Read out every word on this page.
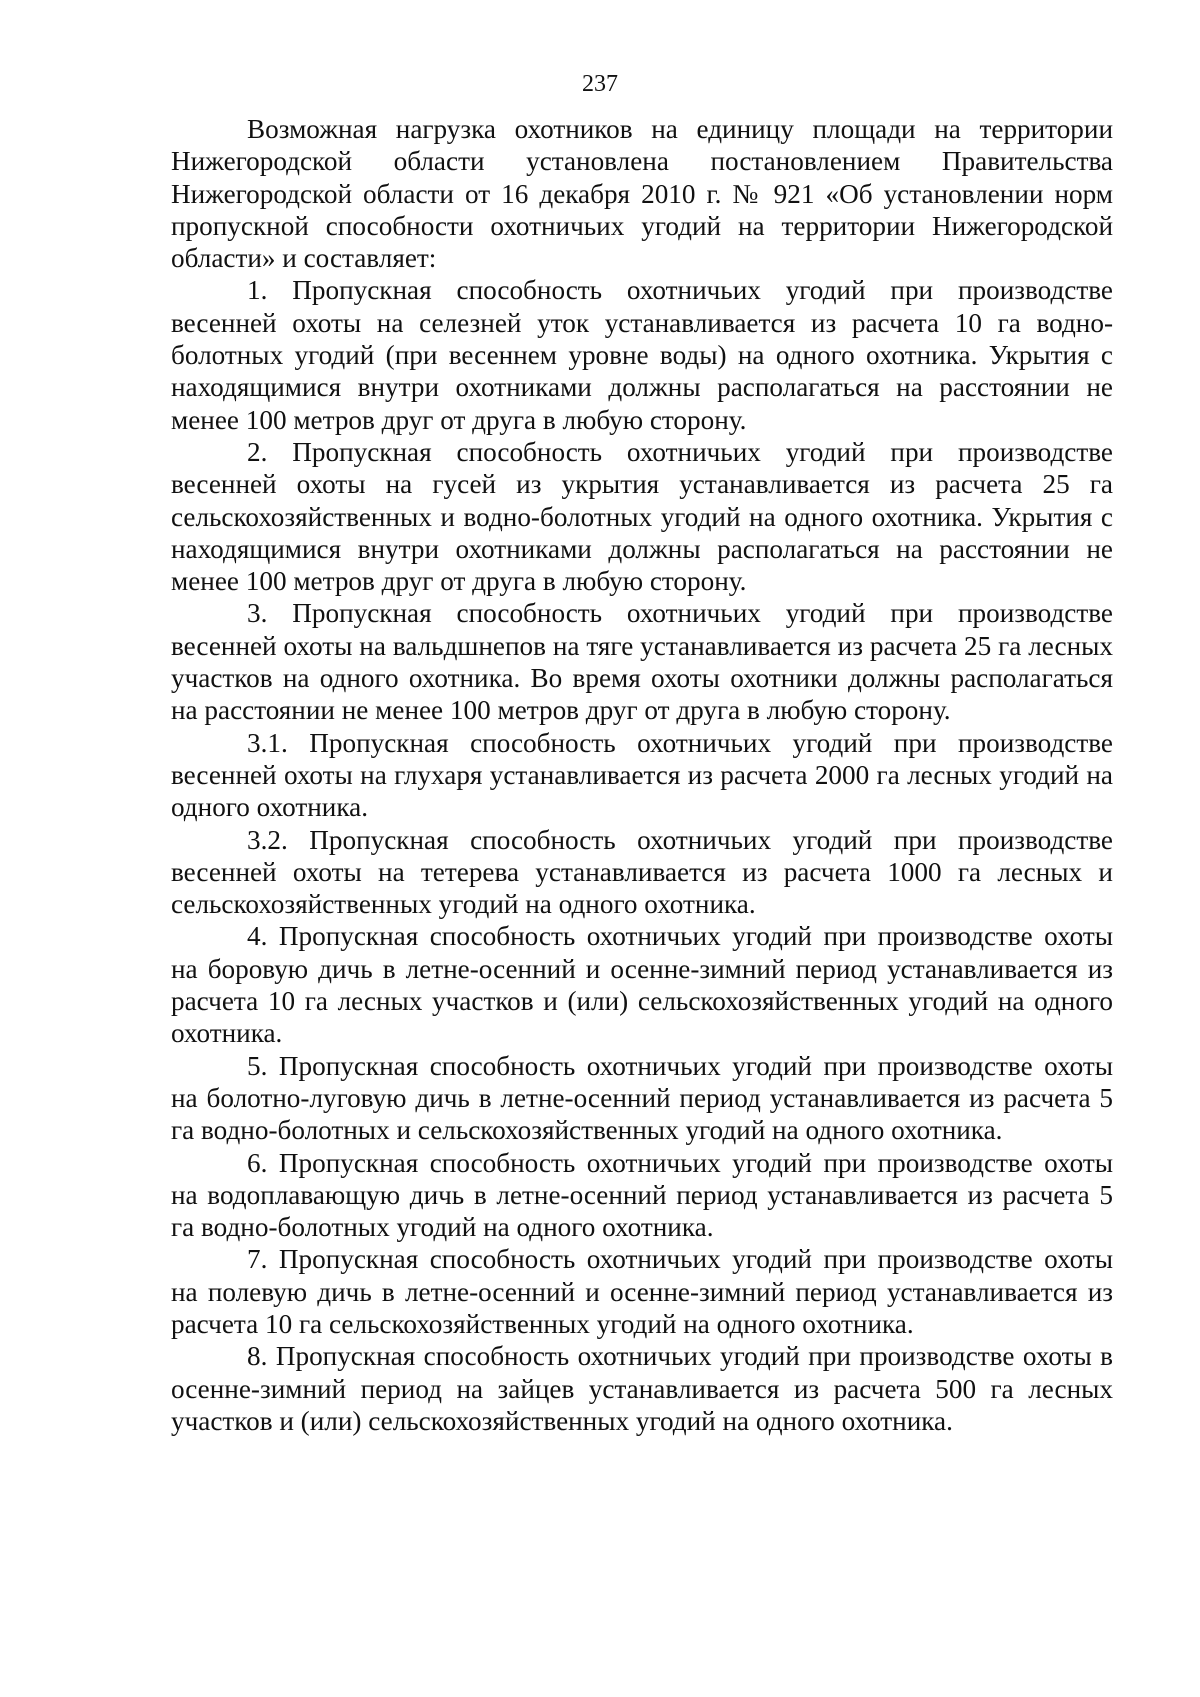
237

Возможная нагрузка охотников на единицу площади на территории Нижегородской области установлена постановлением Правительства Нижегородской области от 16 декабря 2010 г. № 921 «Об установлении норм пропускной способности охотничьих угодий на территории Нижегородской области» и составляет:

1. Пропускная способность охотничьих угодий при производстве весенней охоты на селезней уток устанавливается из расчета 10 га водно-болотных угодий (при весеннем уровне воды) на одного охотника. Укрытия с находящимися внутри охотниками должны располагаться на расстоянии не менее 100 метров друг от друга в любую сторону.

2. Пропускная способность охотничьих угодий при производстве весенней охоты на гусей из укрытия устанавливается из расчета 25 га сельскохозяйственных и водно-болотных угодий на одного охотника. Укрытия с находящимися внутри охотниками должны располагаться на расстоянии не менее 100 метров друг от друга в любую сторону.

3. Пропускная способность охотничьих угодий при производстве весенней охоты на вальдшнепов на тяге устанавливается из расчета 25 га лесных участков на одного охотника. Во время охоты охотники должны располагаться на расстоянии не менее 100 метров друг от друга в любую сторону.

3.1. Пропускная способность охотничьих угодий при производстве весенней охоты на глухаря устанавливается из расчета 2000 га лесных угодий на одного охотника.

3.2. Пропускная способность охотничьих угодий при производстве весенней охоты на тетерева устанавливается из расчета 1000 га лесных и сельскохозяйственных угодий на одного охотника.

4. Пропускная способность охотничьих угодий при производстве охоты на боровую дичь в летне-осенний и осенне-зимний период устанавливается из расчета 10 га лесных участков и (или) сельскохозяйственных угодий на одного охотника.

5. Пропускная способность охотничьих угодий при производстве охоты на болотно-луговую дичь в летне-осенний период устанавливается из расчета 5 га водно-болотных и сельскохозяйственных угодий на одного охотника.

6. Пропускная способность охотничьих угодий при производстве охоты на водоплавающую дичь в летне-осенний период устанавливается из расчета 5 га водно-болотных угодий на одного охотника.

7. Пропускная способность охотничьих угодий при производстве охоты на полевую дичь в летне-осенний и осенне-зимний период устанавливается из расчета 10 га сельскохозяйственных угодий на одного охотника.

8. Пропускная способность охотничьих угодий при производстве охоты в осенне-зимний период на зайцев устанавливается из расчета 500 га лесных участков и (или) сельскохозяйственных угодий на одного охотника.
